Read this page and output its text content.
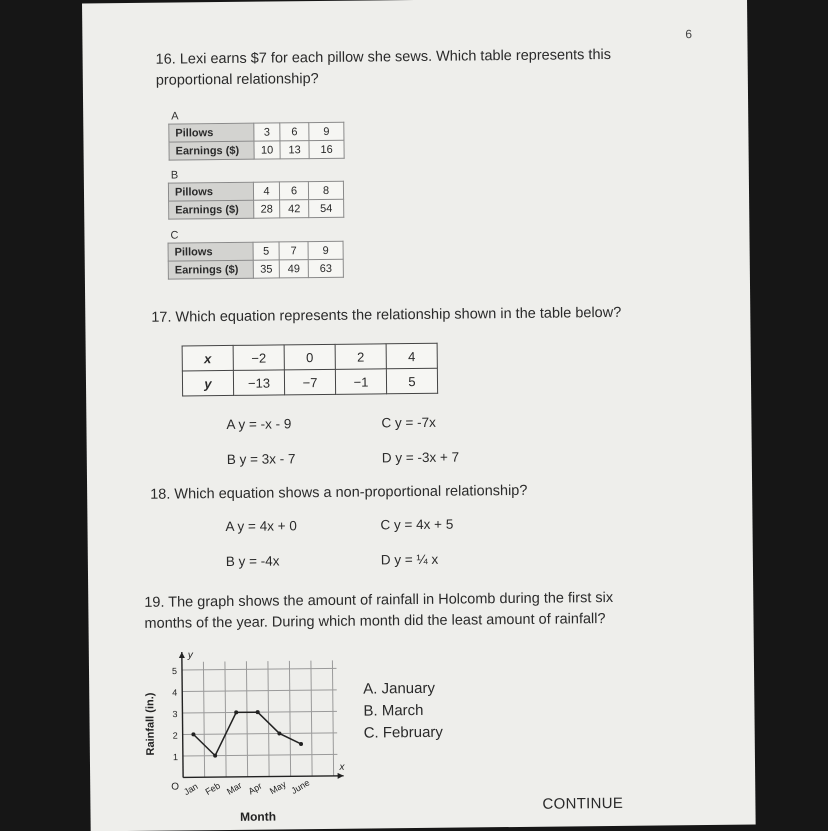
6
16. Lexi earns $7 for each pillow she sews. Which table represents this
proportional relationship?
A
Pillows	3	6	9
Earnings ($)	10	13	16
B
Pillows	4	6	8
Earnings ($)	28	42	54
C
Pillows	5	7	9
Earnings ($)	35	49	63
17. Which equation represents the relationship shown in the table below?
x	−2	0	2	4
y	−13	−7	−1	5
A y = -x - 9	C y = -7x
B y = 3x - 7	D y = -3x + 7
18. Which equation shows a non-proportional relationship?
A y = 4x + 0	C y = 4x + 5
B y = -4x	D y = ¼ x
19. The graph shows the amount of rainfall in Holcomb during the first six
months of the year. During which month did the least amount of rainfall?
1
2
3
4
5
O
x
y
Jan Feb Mar Apr May June
Month
Rainfall (in.)
A. January
B. March
C. February
CONTINUE
